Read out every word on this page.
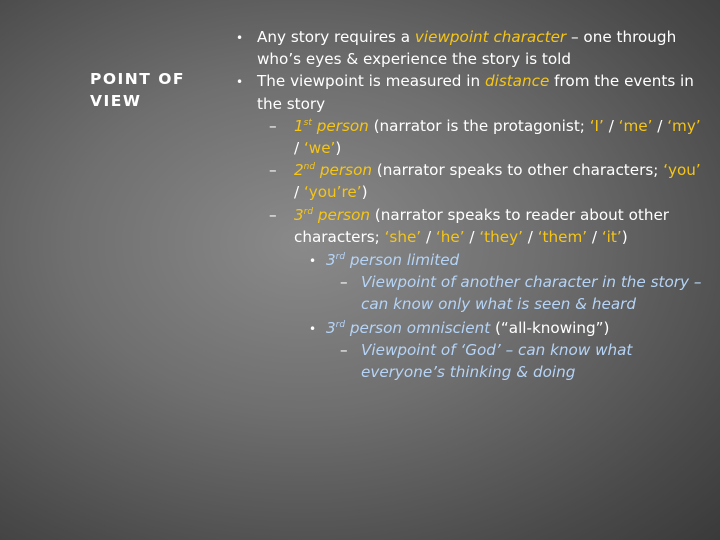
POINT OF
VIEW
• Any story requires a viewpoint character – one through who’s eyes & experience the story is told
• The viewpoint is measured in distance from the events in the story
– 1st person (narrator is the protagonist; ‘I’ / ‘me’ / ‘my’ / ‘we’)
– 2nd person (narrator speaks to other characters; ‘you’ / ‘you’re’)
– 3rd person (narrator speaks to reader about other characters; ‘she’ / ‘he’ / ‘they’ / ‘them’ / ‘it’)
• 3rd person limited
– Viewpoint of another character in the story – can know only what is seen & heard
• 3rd person omniscient (“all-knowing”)
– Viewpoint of ‘God’ – can know what everyone’s thinking & doing
